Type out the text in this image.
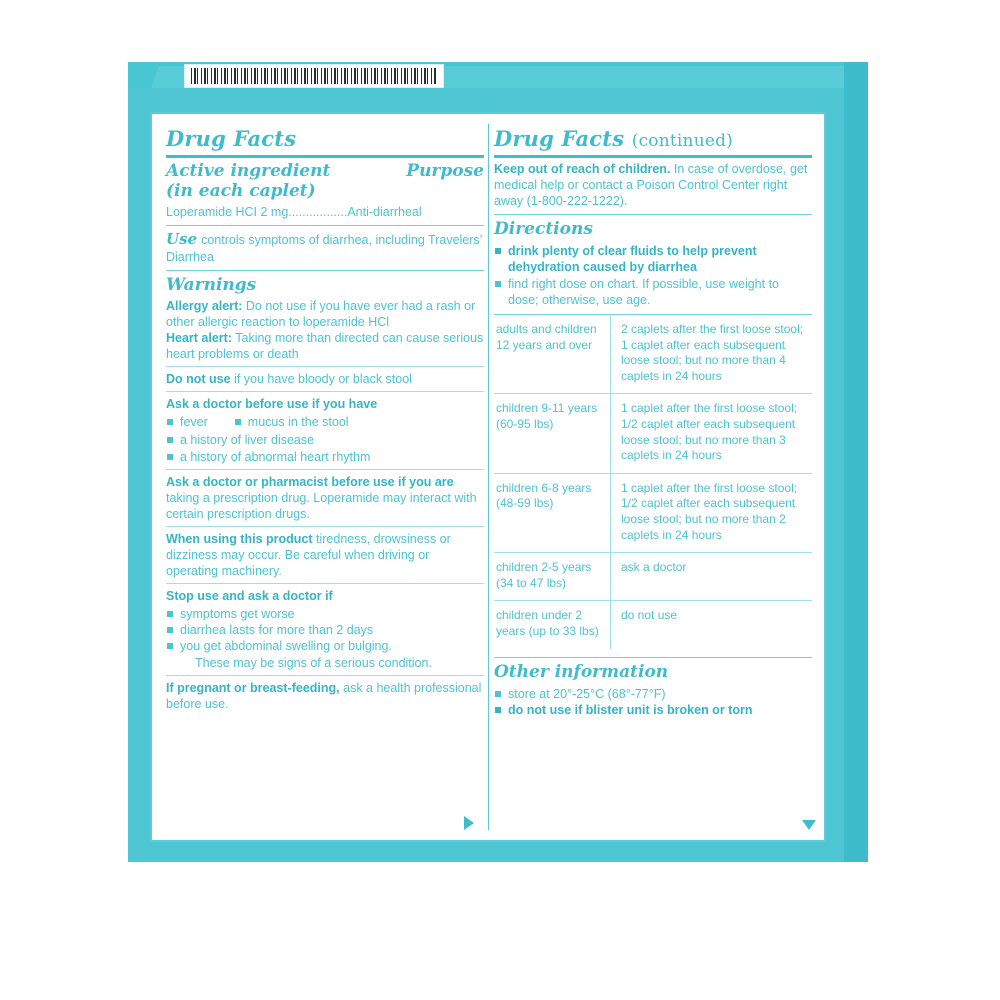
Drug Facts
Active ingredient	Purpose
(in each caplet)
Loperamide HCI 2 mg.................Anti-diarrheal
Use controls symptoms of diarrhea, including Travelers’ Diarrhea
Warnings
Allergy alert: Do not use if you have ever had a rash or other allergic reaction to loperamide HCl
Heart alert: Taking more than directed can cause serious heart problems or death
Do not use if you have bloody or black stool
Ask a doctor before use if you have
fever	mucus in the stool
a history of liver disease
a history of abnormal heart rhythm
Ask a doctor or pharmacist before use if you are taking a prescription drug. Loperamide may interact with certain prescription drugs.
When using this product tiredness, drowsiness or dizziness may occur. Be careful when driving or operating machinery.
Stop use and ask a doctor if
symptoms get worse
diarrhea lasts for more than 2 days
you get abdominal swelling or bulging.
These may be signs of a serious condition.
If pregnant or breast-feeding, ask a health professional before use.
Drug Facts (continued)
Keep out of reach of children. In case of overdose, get medical help or contact a Poison Control Center right away (1-800-222-1222).
Directions
drink plenty of clear fluids to help prevent dehydration caused by diarrhea
find right dose on chart. If possible, use weight to dose; otherwise, use age.
adults and children 12 years and over	2 caplets after the first loose stool; 1 caplet after each subsequent loose stool; but no more than 4 caplets in 24 hours
children 9-11 years (60-95 lbs)	1 caplet after the first loose stool; 1/2 caplet after each subsequent loose stool; but no more than 3 caplets in 24 hours
children 6-8 years (48-59 lbs)	1 caplet after the first loose stool; 1/2 caplet after each subsequent loose stool; but no more than 2 caplets in 24 hours
children 2-5 years (34 to 47 lbs)	ask a doctor
children under 2 years (up to 33 lbs)	do not use
Other information
store at 20°-25°C (68°-77°F)
do not use if blister unit is broken or torn
